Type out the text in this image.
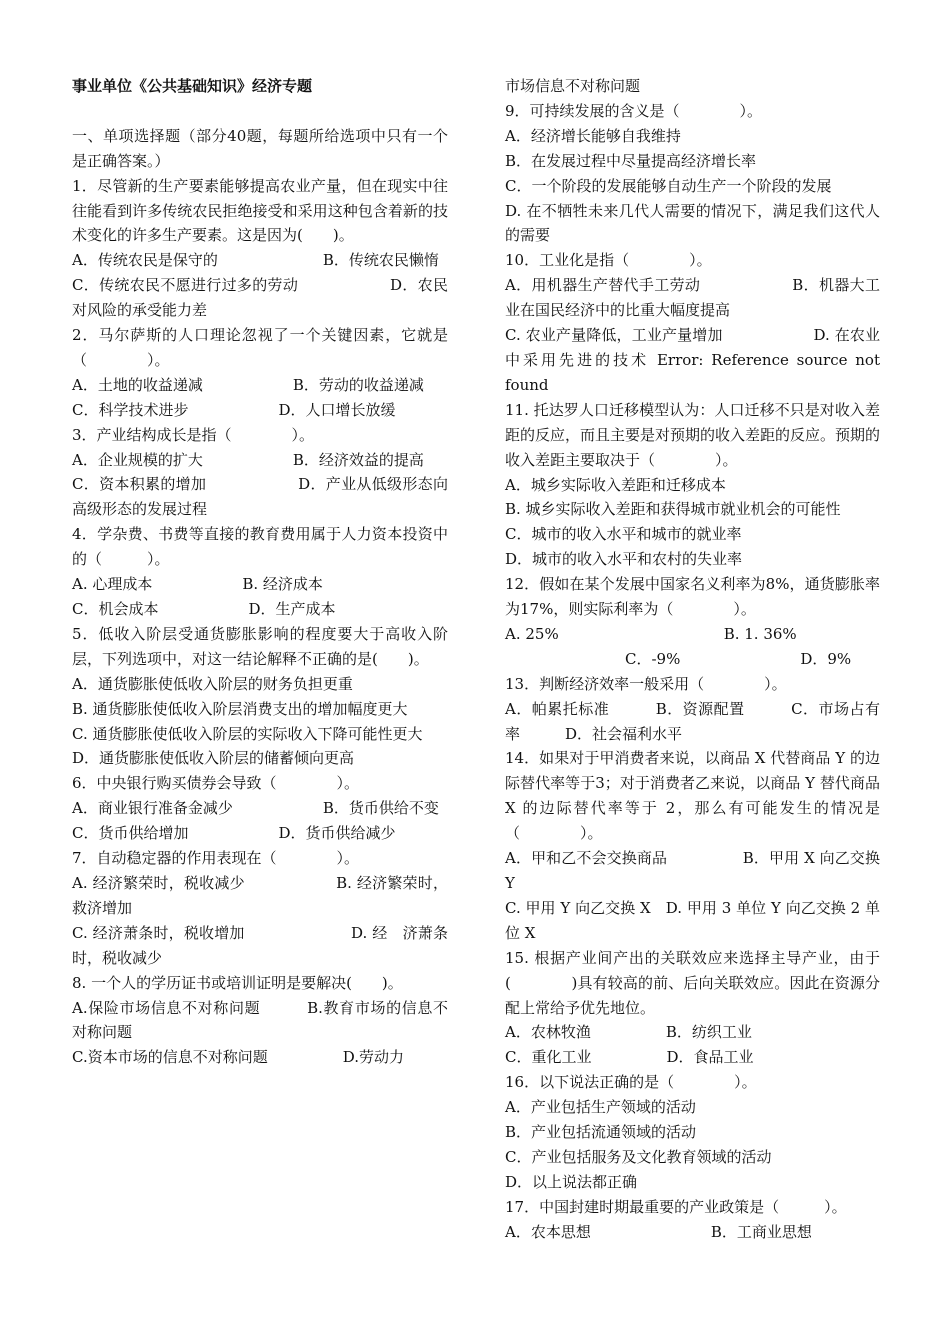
事业单位《公共基础知识》经济专题

一、单项选择题（部分40题，每题所给选项中只有一个是正确答案。）

1．尽管新的生产要素能够提高农业产量，但在现实中往往能看到许多传统农民拒绝接受和采用这种包含着新的技术变化的许多生产要素。这是因为(　　)。

A．传统农民是保守的　　　　　　　B．传统农民懒惰

C．传统农民不愿进行过多的劳动　　　　　　D．农民对风险的承受能力差

2．马尔萨斯的人口理论忽视了一个关键因素，它就是（　　　　）。

A．土地的收益递减　　　　　　B．劳动的收益递减

C．科学技术进步　　　　　　D．人口增长放缓

3．产业结构成长是指（　　　　）。

A．企业规模的扩大　　　　　　B．经济效益的提高

C．资本积累的增加　　　　　　D．产业从低级形态向高级形态的发展过程

4．学杂费、书费等直接的教育费用属于人力资本投资中的（　　　）。

A. 心理成本　　　　　　B. 经济成本

C．机会成本　　　　　　D．生产成本

5．低收入阶层受通货膨胀影响的程度要大于高收入阶层，下列选项中，对这一结论解释不正确的是(　　)。

A．通货膨胀使低收入阶层的财务负担更重

B. 通货膨胀使低收入阶层消费支出的增加幅度更大

C. 通货膨胀使低收入阶层的实际收入下降可能性更大

D．通货膨胀使低收入阶层的储蓄倾向更高

6．中央银行购买债券会导致（　　　　）。

A．商业银行准备金减少　　　　　　B．货币供给不变

C．货币供给增加　　　　　　D．货币供给减少

7．自动稳定器的作用表现在（　　　　）。

A. 经济繁荣时，税收减少　　　　　　B. 经济繁荣时，救济增加

C. 经济萧条时，税收增加　　　　　　　D. 经　济萧条时，税收减少

8. 一个人的学历证书或培训证明是要解决(　　)。

A.保险市场信息不对称问题　　　B.教育市场的信息不对称问题

C.资本市场的信息不对称问题　　　　　D.劳动力

市场信息不对称问题

9．可持续发展的含义是（　　　　）。

A．经济增长能够自我维持

B．在发展过程中尽量提高经济增长率

C．一个阶段的发展能够自动生产一个阶段的发展

D. 在不牺牲未来几代人需要的情况下，满足我们这代人的需要

10．工业化是指（　　　　）。

A．用机器生产替代手工劳动　　　　　　B．机器大工业在国民经济中的比重大幅度提高

C. 农业产量降低，工业产量增加　　　　　　D. 在农业中采用先进的技术 Error: Reference source not found

11. 托达罗人口迁移模型认为：人口迁移不只是对收入差距的反应，而且主要是对预期的收入差距的反应。预期的收入差距主要取决于（　　　　）。

A．城乡实际收入差距和迁移成本

B. 城乡实际收入差距和获得城市就业机会的可能性

C．城市的收入水平和城市的就业率

D．城市的收入水平和农村的失业率

12．假如在某个发展中国家名义利率为8%，通货膨胀率为17%，则实际利率为（　　　　）。

A. 25%　　　　　　　　　　　B. 1. 36%

　　　　　　　　C．-9%　　　　　　　　D．9%

13．判断经济效率一般采用（　　　　）。

A．帕累托标准　　　B．资源配置　　　C．市场占有率　　　D．社会福利水平

14．如果对于甲消费者来说，以商品 X 代替商品 Y 的边际替代率等于3；对于消费者乙来说，以商品 Y 替代商品 X 的边际替代率等于 2，那么有可能发生的情况是（　　　　）。

A．甲和乙不会交换商品　　　　　B．甲用 X 向乙交换 Y

C. 甲用 Y 向乙交换 X　D. 甲用 3 单位 Y 向乙交换 2 单位 X

15. 根据产业间产出的关联效应来选择主导产业，由于(　　　　)具有较高的前、后向关联效应。因此在资源分配上常给予优先地位。

A．农林牧渔　　　　　B．纺织工业

C．重化工业　　　　　D．食品工业

16．以下说法正确的是（　　　　）。

A．产业包括生产领域的活动

B．产业包括流通领域的活动

C．产业包括服务及文化教育领域的活动

D．以上说法都正确

17．中国封建时期最重要的产业政策是（　　　）。

A．农本思想　　　　　　　　B．工商业思想
